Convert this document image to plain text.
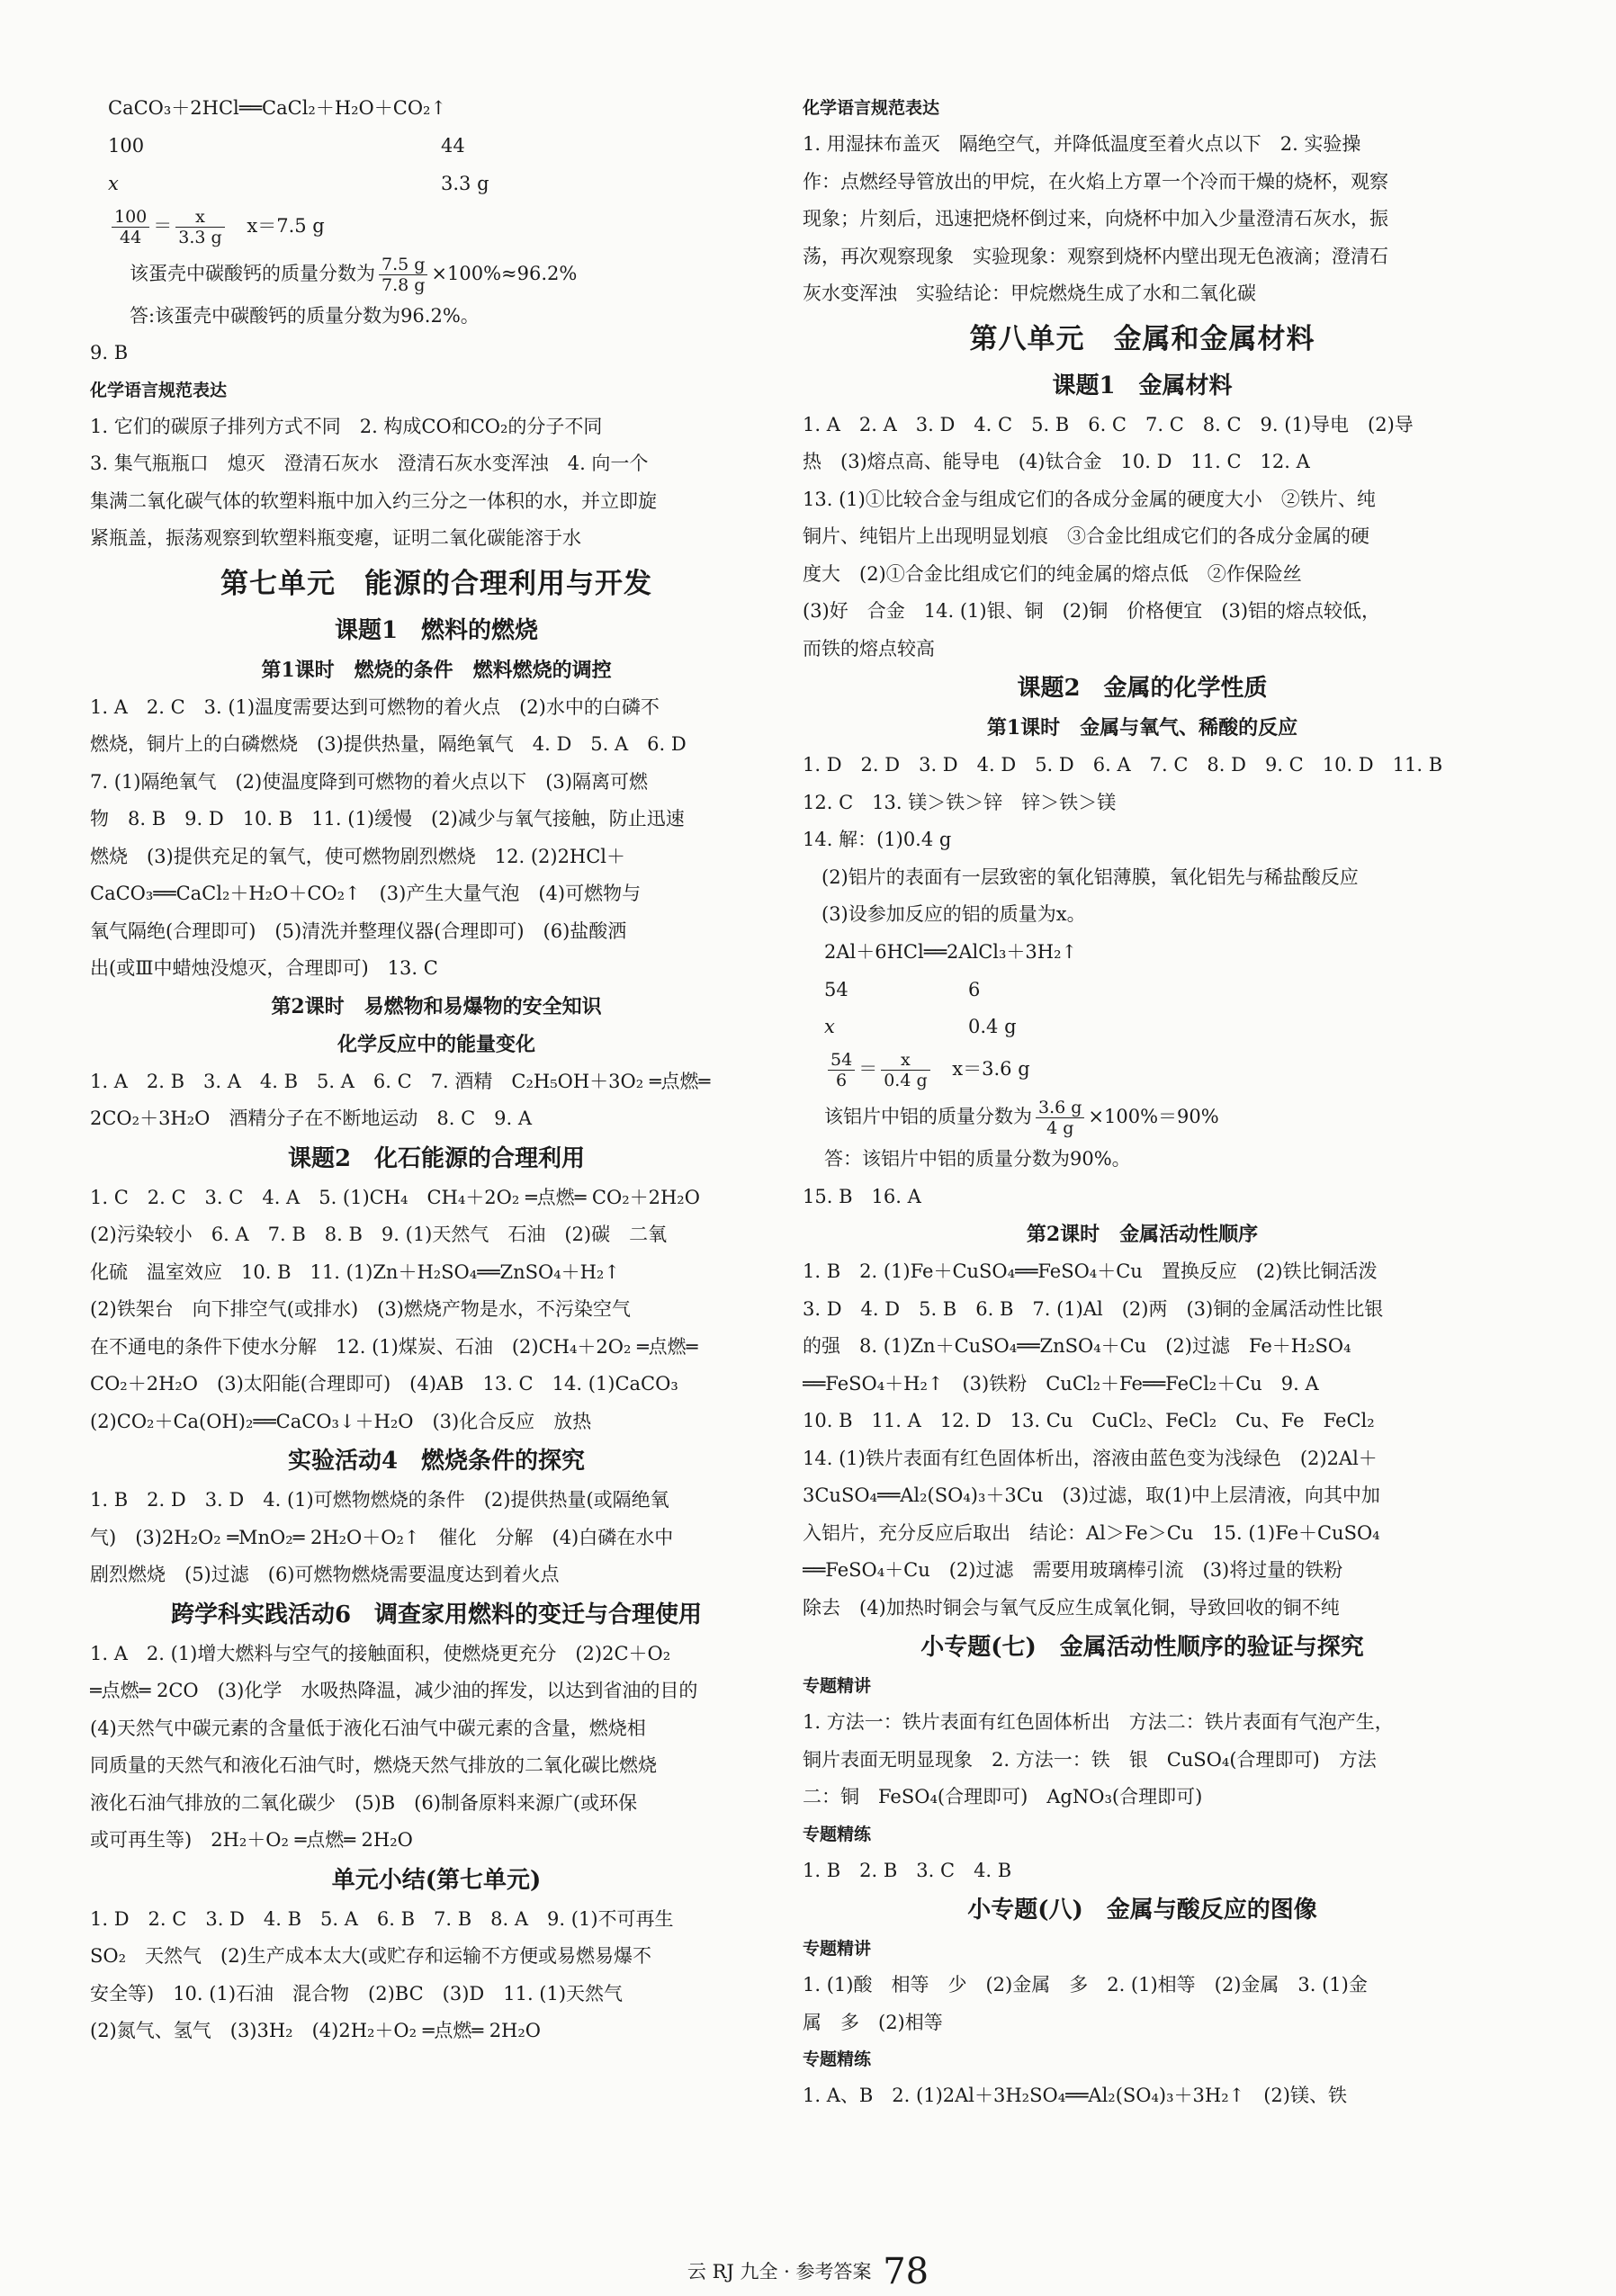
CaCO₃＋2HCl══CaCl₂＋H₂O＋CO₂↑
100	44
x	3.3 g
$\frac{100}{44} = \frac{x}{3.3 g} x=7.5$ g
该蛋壳中碳酸钙的质量分数为 $\frac{7.5 g}{7.8 g} \times 100\%\approx 96.2\%$
答:该蛋壳中碳酸钙的质量分数为96.2%。
9. B
化学语言规范表达
1. 它们的碳原子排列方式不同　2. 构成CO和CO₂的分子不同
3. 集气瓶瓶口　熄灭　澄清石灰水　澄清石灰水变浑浊　4. 向一个
集满二氧化碳气体的软塑料瓶中加入约三分之一体积的水，并立即旋
紧瓶盖，振荡观察到软塑料瓶变瘪，证明二氧化碳能溶于水
第七单元　能源的合理利用与开发
课题1　燃料的燃烧
第1课时　燃烧的条件　燃料燃烧的调控
1. A　2. C　3. (1)温度需要达到可燃物的着火点　(2)水中的白磷不
燃烧，铜片上的白磷燃烧　(3)提供热量，隔绝氧气　4. D　5. A　6. D
7. (1)隔绝氧气　(2)使温度降到可燃物的着火点以下　(3)隔离可燃
物　8. B　9. D　10. B　11. (1)缓慢　(2)减少与氧气接触，防止迅速
燃烧　(3)提供充足的氧气，使可燃物剧烈燃烧　12. (2)2HCl＋
CaCO₃══CaCl₂＋H₂O＋CO₂↑　(3)产生大量气泡　(4)可燃物与
氧气隔绝(合理即可)　(5)清洗并整理仪器(合理即可)　(6)盐酸洒
出(或Ⅲ中蜡烛没熄灭，合理即可)　13. C
第2课时　易燃物和易爆物的安全知识
化学反应中的能量变化
1. A　2. B　3. A　4. B　5. A　6. C　7. 酒精　C₂H₅OH＋3O₂ ═点燃═
2CO₂＋3H₂O　酒精分子在不断地运动　8. C　9. A
课题2　化石能源的合理利用
1. C　2. C　3. C　4. A　5. (1)CH₄　CH₄＋2O₂ ═点燃═ CO₂＋2H₂O
(2)污染较小　6. A　7. B　8. B　9. (1)天然气　石油　(2)碳　二氧
化硫　温室效应　10. B　11. (1)Zn＋H₂SO₄══ZnSO₄＋H₂↑
(2)铁架台　向下排空气(或排水)　(3)燃烧产物是水，不污染空气
在不通电的条件下使水分解　12. (1)煤炭、石油　(2)CH₄＋2O₂ ═点燃═
CO₂＋2H₂O　(3)太阳能(合理即可)　(4)AB　13. C　14. (1)CaCO₃
(2)CO₂＋Ca(OH)₂══CaCO₃↓＋H₂O　(3)化合反应　放热
实验活动4　燃烧条件的探究
1. B　2. D　3. D　4. (1)可燃物燃烧的条件　(2)提供热量(或隔绝氧
气)　(3)2H₂O₂ ═MnO₂═ 2H₂O＋O₂↑　催化　分解　(4)白磷在水中
剧烈燃烧　(5)过滤　(6)可燃物燃烧需要温度达到着火点
跨学科实践活动6　调查家用燃料的变迁与合理使用
1. A　2. (1)增大燃料与空气的接触面积，使燃烧更充分　(2)2C＋O₂
═点燃═ 2CO　(3)化学　水吸热降温，减少油的挥发，以达到省油的目的
(4)天然气中碳元素的含量低于液化石油气中碳元素的含量，燃烧相
同质量的天然气和液化石油气时，燃烧天然气排放的二氧化碳比燃烧
液化石油气排放的二氧化碳少　(5)B　(6)制备原料来源广(或环保
或可再生等)　2H₂＋O₂ ═点燃═ 2H₂O
单元小结(第七单元)
1. D　2. C　3. D　4. B　5. A　6. B　7. B　8. A　9. (1)不可再生
SO₂　天然气　(2)生产成本太大(或贮存和运输不方便或易燃易爆不
安全等)　10. (1)石油　混合物　(2)BC　(3)D　11. (1)天然气
(2)氮气、氢气　(3)3H₂　(4)2H₂＋O₂ ═点燃═ 2H₂O
化学语言规范表达
1. 用湿抹布盖灭　隔绝空气，并降低温度至着火点以下　2. 实验操
作：点燃经导管放出的甲烷，在火焰上方罩一个冷而干燥的烧杯，观察
现象；片刻后，迅速把烧杯倒过来，向烧杯中加入少量澄清石灰水，振
荡，再次观察现象　实验现象：观察到烧杯内壁出现无色液滴；澄清石
灰水变浑浊　实验结论：甲烷燃烧生成了水和二氧化碳
第八单元　金属和金属材料
课题1　金属材料
1. A　2. A　3. D　4. C　5. B　6. C　7. C　8. C　9. (1)导电　(2)导
热　(3)熔点高、能导电　(4)钛合金　10. D　11. C　12. A
13. (1)①比较合金与组成它们的各成分金属的硬度大小　②铁片、纯
铜片、纯铝片上出现明显划痕　③合金比组成它们的各成分金属的硬
度大　(2)①合金比组成它们的纯金属的熔点低　②作保险丝
(3)好　合金　14. (1)银、铜　(2)铜　价格便宜　(3)铝的熔点较低，
而铁的熔点较高
课题2　金属的化学性质
第1课时　金属与氧气、稀酸的反应
1. D　2. D　3. D　4. D　5. D　6. A　7. C　8. D　9. C　10. D　11. B
12. C　13. 镁＞铁＞锌　锌＞铁＞镁
14. 解：(1)0.4 g
　(2)铝片的表面有一层致密的氧化铝薄膜，氧化铝先与稀盐酸反应
　(3)设参加反应的铝的质量为x。
2Al＋6HCl══2AlCl₃＋3H₂↑
54	6
x	0.4 g
$\frac{54}{6} = \frac{x}{0.4 g} x=3.6$ g
该铝片中铝的质量分数为 $\frac{3.6 g}{4 g} \times 100\%=90\%$
答：该铝片中铝的质量分数为90%。
15. B　16. A
第2课时　金属活动性顺序
1. B　2. (1)Fe＋CuSO₄══FeSO₄＋Cu　置换反应　(2)铁比铜活泼
3. D　4. D　5. B　6. B　7. (1)Al　(2)两　(3)铜的金属活动性比银
的强　8. (1)Zn＋CuSO₄══ZnSO₄＋Cu　(2)过滤　Fe＋H₂SO₄
══FeSO₄＋H₂↑　(3)铁粉　CuCl₂＋Fe══FeCl₂＋Cu　9. A
10. B　11. A　12. D　13. Cu　CuCl₂、FeCl₂　Cu、Fe　FeCl₂
14. (1)铁片表面有红色固体析出，溶液由蓝色变为浅绿色　(2)2Al＋
3CuSO₄══Al₂(SO₄)₃＋3Cu　(3)过滤，取(1)中上层清液，向其中加
入铝片，充分反应后取出　结论：Al＞Fe＞Cu　15. (1)Fe＋CuSO₄
══FeSO₄＋Cu　(2)过滤　需要用玻璃棒引流　(3)将过量的铁粉
除去　(4)加热时铜会与氧气反应生成氧化铜，导致回收的铜不纯
小专题(七)　金属活动性顺序的验证与探究
专题精讲
1. 方法一：铁片表面有红色固体析出　方法二：铁片表面有气泡产生，
铜片表面无明显现象　2. 方法一：铁　银　CuSO₄(合理即可)　方法
二：铜　FeSO₄(合理即可)　AgNO₃(合理即可)
专题精练
1. B　2. B　3. C　4. B
小专题(八)　金属与酸反应的图像
专题精讲
1. (1)酸　相等　少　(2)金属　多　2. (1)相等　(2)金属　3. (1)金
属　多　(2)相等
专题精练
1. A、B　2. (1)2Al＋3H₂SO₄══Al₂(SO₄)₃＋3H₂↑　(2)镁、铁
云 RJ 九全 · 参考答案 78
